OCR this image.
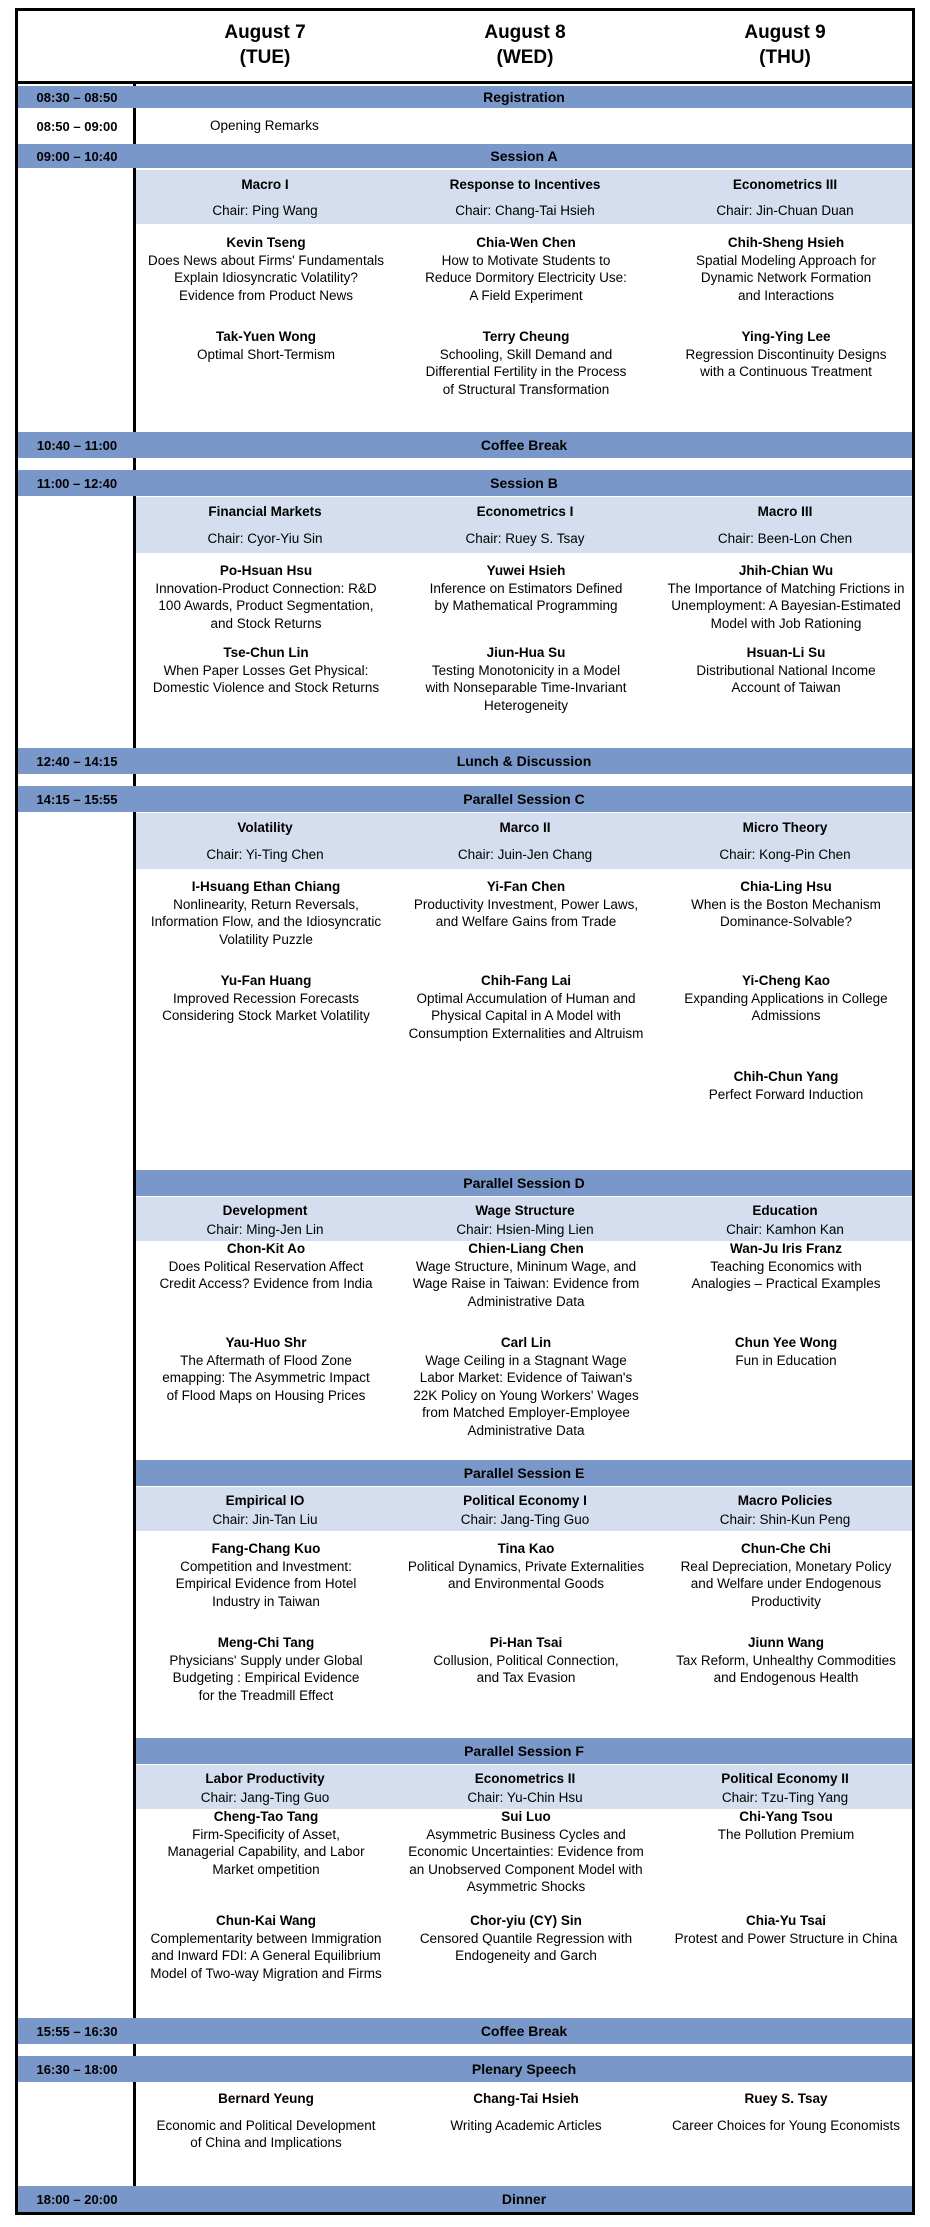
August 7
(TUE)
August 8
(WED)
August 9
(THU)
08:30 – 08:50
08:50 – 09:00
09:00 – 10:40
10:40 – 11:00
11:00 – 12:40
12:40 – 14:15
14:15 – 15:55
15:55 – 16:30
16:30 – 18:00
18:00 – 20:00
Registration
Opening Remarks
Session A
Coffee Break
Session B
Lunch & Discussion
Parallel Session C
Parallel Session D
Parallel Session E
Parallel Session F
Coffee Break
Plenary Speech
Dinner
Macro I
Chair: Ping Wang
Kevin Tseng
Does News about Firms' Fundamentals
Explain Idiosyncratic Volatility?
Evidence from Product News
Tak-Yuen Wong
Optimal Short-Termism
Response to Incentives
Chair: Chang-Tai Hsieh
Chia-Wen Chen
How to Motivate Students to
Reduce Dormitory Electricity Use:
A Field Experiment
Terry Cheung
Schooling, Skill Demand and
Differential Fertility in the Process
of Structural Transformation
Econometrics III
Chair: Jin-Chuan Duan
Chih-Sheng Hsieh
Spatial Modeling Approach for
Dynamic Network Formation
and Interactions
Ying-Ying Lee
Regression Discontinuity Designs
with a Continuous Treatment
Financial Markets
Chair: Cyor-Yiu Sin
Po-Hsuan Hsu
Innovation-Product Connection: R&D
100 Awards, Product Segmentation,
and Stock Returns
Tse-Chun Lin
When Paper Losses Get Physical:
Domestic Violence and Stock Returns
Econometrics I
Chair: Ruey S. Tsay
Yuwei Hsieh
Inference on Estimators Defined
by Mathematical Programming
Jiun-Hua Su
Testing Monotonicity in a Model
with Nonseparable Time-Invariant
Heterogeneity
Macro III
Chair: Been-Lon Chen
Jhih-Chian Wu
The Importance of Matching Frictions in
Unemployment: A Bayesian-Estimated
Model with Job Rationing
Hsuan-Li Su
Distributional National Income
Account of Taiwan
Volatility
Chair: Yi-Ting Chen
I-Hsuang Ethan Chiang
Nonlinearity, Return Reversals,
Information Flow, and the Idiosyncratic
Volatility Puzzle
Yu-Fan Huang
Improved Recession Forecasts
Considering Stock Market Volatility
Marco II
Chair: Juin-Jen Chang
Yi-Fan Chen
Productivity Investment, Power Laws,
and Welfare Gains from Trade
Chih-Fang Lai
Optimal Accumulation of Human and
Physical Capital in A Model with
Consumption Externalities and Altruism
Micro Theory
Chair: Kong-Pin Chen
Chia-Ling Hsu
When is the Boston Mechanism
Dominance-Solvable?
Yi-Cheng Kao
Expanding Applications in College
Admissions
Chih-Chun Yang
Perfect Forward Induction
Development
Chair: Ming-Jen Lin
Chon-Kit Ao
Does Political Reservation Affect
Credit Access? Evidence from India
Yau-Huo Shr
The Aftermath of Flood Zone
emapping: The Asymmetric Impact
of Flood Maps on Housing Prices
Wage Structure
Chair: Hsien-Ming Lien
Chien-Liang Chen
Wage Structure, Mininum Wage, and
Wage Raise in Taiwan: Evidence from
Administrative Data
Carl Lin
Wage Ceiling in a Stagnant Wage
Labor Market: Evidence of Taiwan's
22K Policy on Young Workers' Wages
from Matched Employer-Employee
Administrative Data
Education
Chair: Kamhon Kan
Wan-Ju Iris Franz
Teaching Economics with
Analogies – Practical Examples
Chun Yee Wong
Fun in Education
Empirical IO
Chair: Jin-Tan Liu
Fang-Chang Kuo
Competition and Investment:
Empirical Evidence from Hotel
Industry in Taiwan
Meng-Chi Tang
Physicians' Supply under Global
Budgeting : Empirical Evidence
for the Treadmill Effect
Political Economy I
Chair: Jang-Ting Guo
Tina Kao
Political Dynamics, Private Externalities
and Environmental Goods
Pi-Han Tsai
Collusion, Political Connection,
and Tax Evasion
Macro Policies
Chair: Shin-Kun Peng
Chun-Che Chi
Real Depreciation, Monetary Policy
and Welfare under Endogenous
Productivity
Jiunn Wang
Tax Reform, Unhealthy Commodities
and Endogenous Health
Labor Productivity
Chair: Jang-Ting Guo
Cheng-Tao Tang
Firm-Specificity of Asset,
Managerial Capability, and Labor
Market ompetition
Chun-Kai Wang
Complementarity between Immigration
and Inward FDI: A General Equilibrium
Model of Two-way Migration and Firms
Econometrics II
Chair: Yu-Chin Hsu
Sui Luo
Asymmetric Business Cycles and
Economic Uncertainties: Evidence from
an Unobserved Component Model with
Asymmetric Shocks
Chor-yiu (CY) Sin
Censored Quantile Regression with
Endogeneity and Garch
Political Economy II
Chair: Tzu-Ting Yang
Chi-Yang Tsou
The Pollution Premium
Chia-Yu Tsai
Protest and Power Structure in China
Bernard Yeung
Economic and Political Development
of China and Implications
Chang-Tai Hsieh
Writing Academic Articles
Ruey S. Tsay
Career Choices for Young Economists
